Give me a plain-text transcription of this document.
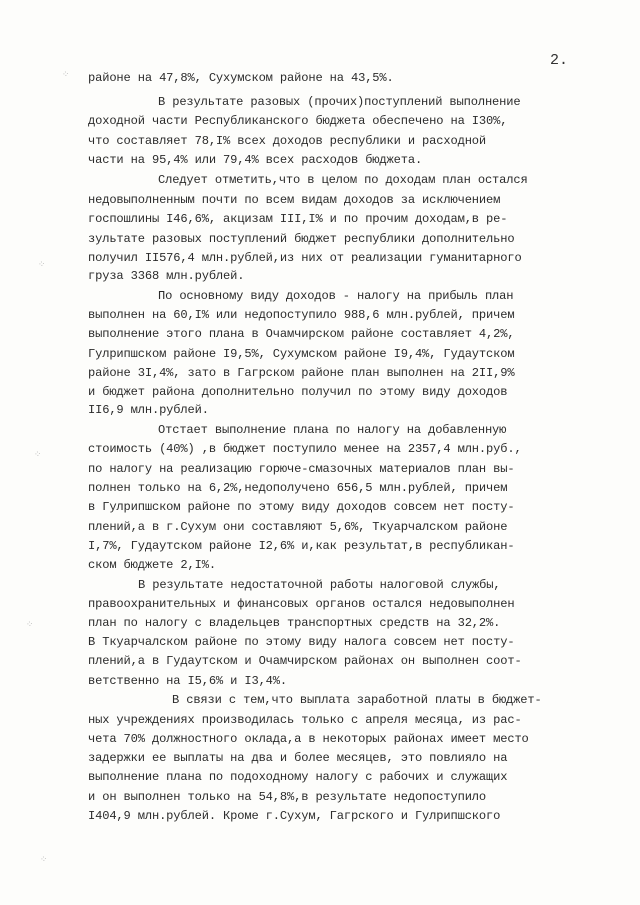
2.
⁘
⁘
⁘
⁘
⁘
районе на 47,8%, Сухумском районе на 43,5%.
В результате разовых (прочих)поступлений выполнение
доходной части Республиканского бюджета обеспечено на I30%,
что составляет 78,I% всех доходов республики и расходной
части на 95,4% или 79,4% всех расходов бюджета.
Следует отметить,что в целом по доходам план остался
недовыполненным почти по всем видам доходов за исключением
госпошлины I46,6%, акцизам III,I% и по прочим доходам,в ре-
зультате разовых поступлений бюджет республики дополнительно
получил II576,4 млн.рублей,из них от реализации гуманитарного
груза 3368 млн.рублей.
По основному виду доходов - налогу на прибыль план
выполнен на 60,I% или недопоступило 988,6 млн.рублей, причем
выполнение этого плана в Очамчирском районе составляет 4,2%,
Гулрипшском районе I9,5%, Сухумском районе I9,4%, Гудаутском
районе 3I,4%, зато в Гагрском районе план выполнен на 2II,9%
и бюджет района дополнительно получил по этому виду доходов
II6,9 млн.рублей.
Отстает выполнение плана по налогу на добавленную
стоимость (40%) ,в бюджет поступило менее на 2357,4 млн.руб.,
по налогу на реализацию горюче-смазочных материалов план вы-
полнен только на 6,2%,недополучено 656,5 млн.рублей, причем
в Гулрипшском районе по этому виду доходов совсем нет посту-
плений,а в г.Сухум они составляют 5,6%, Ткуарчалском районе
I,7%, Гудаутском районе I2,6% и,как результат,в республикан-
ском бюджете 2,I%.
В результате недостаточной работы налоговой службы,
правоохранительных и финансовых органов остался недовыполнен
план по налогу с владельцев транспортных средств на 32,2%.
В Ткуарчалском районе по этому виду налога совсем нет посту-
плений,а в Гудаутском и Очамчирском районах он выполнен соот-
ветственно на I5,6% и I3,4%.
В связи с тем,что выплата заработной платы в бюджет-
ных учреждениях производилась только с апреля месяца, из рас-
чета 70% должностного оклада,а в некоторых районах имеет место
задержки ее выплаты на два и более месяцев, это повлияло на
выполнение плана по подоходному налогу с рабочих и служащих
и он выполнен только на 54,8%,в результате недопоступило
I404,9 млн.рублей. Кроме г.Сухум, Гагрского и Гулрипшского
